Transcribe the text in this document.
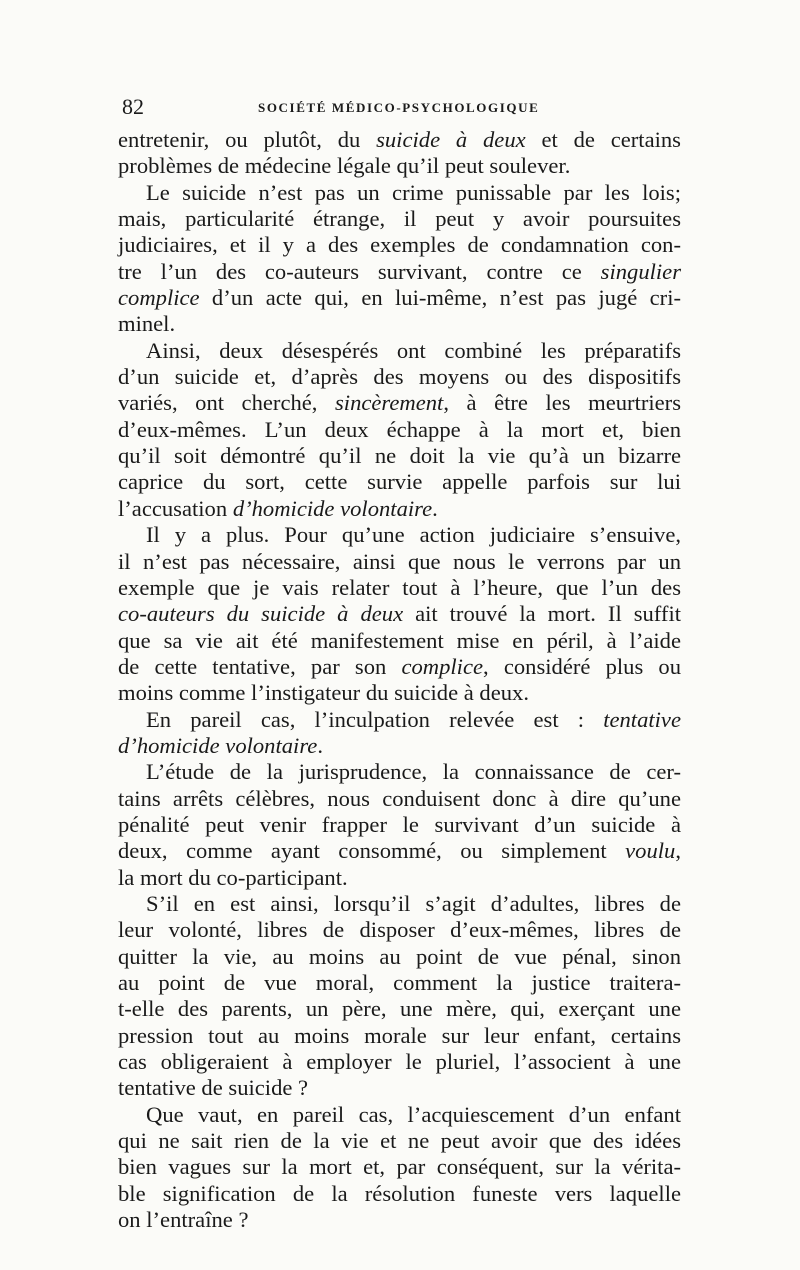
82	SOCIÉTÉ MÉDICO-PSYCHOLOGIQUE
entretenir, ou plutôt, du suicide à deux et de certains
problèmes de médecine légale qu’il peut soulever.
Le suicide n’est pas un crime punissable par les lois;
mais, particularité étrange, il peut y avoir poursuites
judiciaires, et il y a des exemples de condamnation con-
tre l’un des co-auteurs survivant, contre ce singulier
complice d’un acte qui, en lui-même, n’est pas jugé cri-
minel.
Ainsi, deux désespérés ont combiné les préparatifs
d’un suicide et, d’après des moyens ou des dispositifs
variés, ont cherché, sincèrement, à être les meurtriers
d’eux-mêmes. L’un deux échappe à la mort et, bien
qu’il soit démontré qu’il ne doit la vie qu’à un bizarre
caprice du sort, cette survie appelle parfois sur lui
l’accusation d’homicide volontaire.
Il y a plus. Pour qu’une action judiciaire s’ensuive,
il n’est pas nécessaire, ainsi que nous le verrons par un
exemple que je vais relater tout à l’heure, que l’un des
co-auteurs du suicide à deux ait trouvé la mort. Il suffit
que sa vie ait été manifestement mise en péril, à l’aide
de cette tentative, par son complice, considéré plus ou
moins comme l’instigateur du suicide à deux.
En pareil cas, l’inculpation relevée est : tentative
d’homicide volontaire.
L’étude de la jurisprudence, la connaissance de cer-
tains arrêts célèbres, nous conduisent donc à dire qu’une
pénalité peut venir frapper le survivant d’un suicide à
deux, comme ayant consommé, ou simplement voulu,
la mort du co-participant.
S’il en est ainsi, lorsqu’il s’agit d’adultes, libres de
leur volonté, libres de disposer d’eux-mêmes, libres de
quitter la vie, au moins au point de vue pénal, sinon
au point de vue moral, comment la justice traitera-
t-elle des parents, un père, une mère, qui, exerçant une
pression tout au moins morale sur leur enfant, certains
cas obligeraient à employer le pluriel, l’associent à une
tentative de suicide ?
Que vaut, en pareil cas, l’acquiescement d’un enfant
qui ne sait rien de la vie et ne peut avoir que des idées
bien vagues sur la mort et, par conséquent, sur la vérita-
ble signification de la résolution funeste vers laquelle
on l’entraîne ?
